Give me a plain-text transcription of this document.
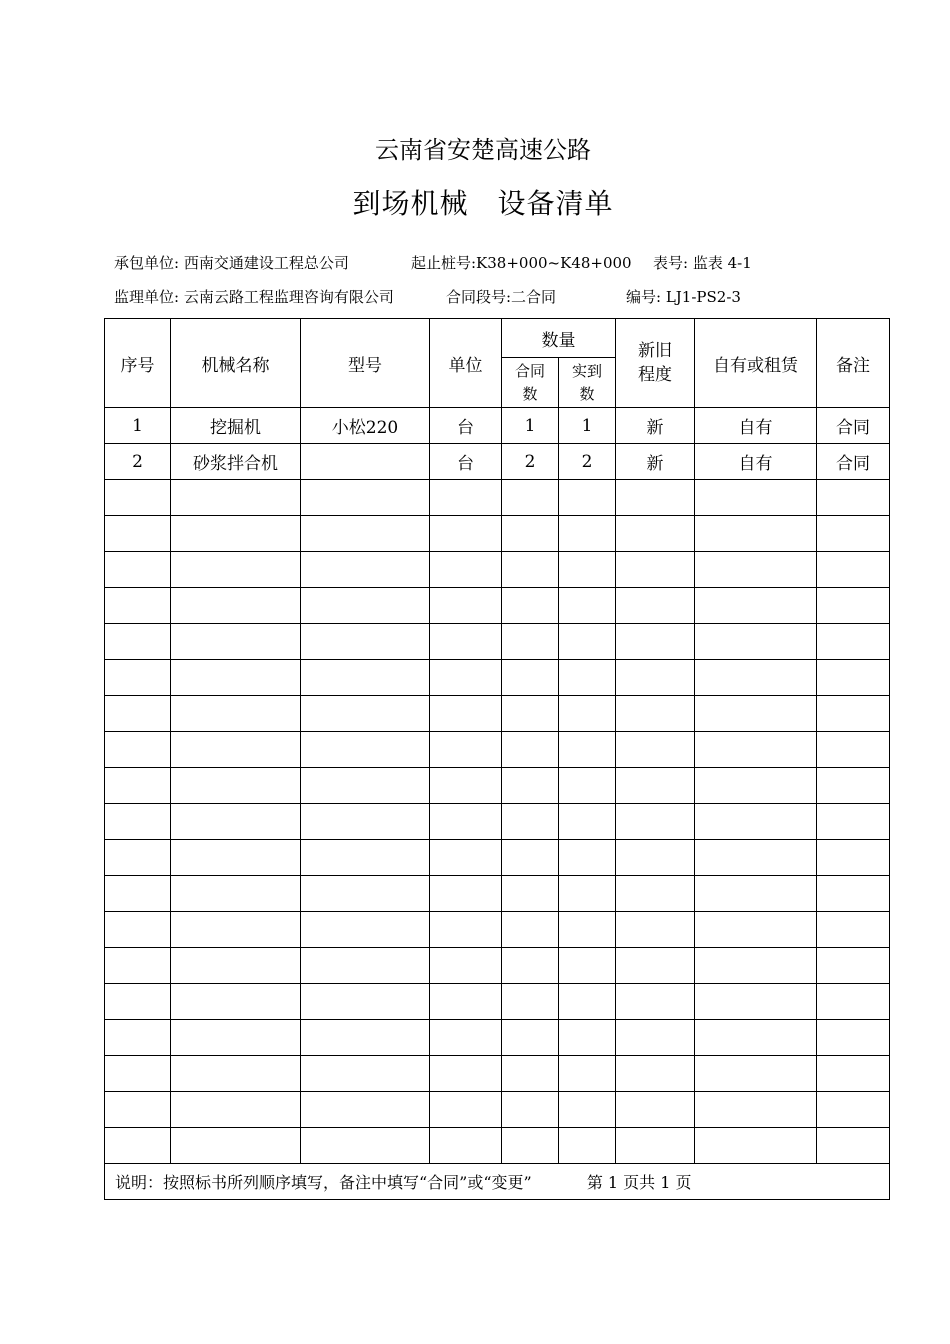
云南省安楚高速公路
到场机械　设备清单
承包单位: 西南交通建设工程总公司	起止桩号:K38+000~K48+000 表号: 监表 4-1
监理单位: 云南云路工程监理咨询有限公司	合同段号:二合同	编号: LJ1-PS2-3
序号	机械名称	型号	单位	数量		新旧程度	自有或租赁	备注
				合同数	实到数			
1	挖掘机	小松220	台	1	1	新	自有	合同
2	砂浆拌合机		台	2	2	新	自有	合同

说明：按照标书所列顺序填写，备注中填写“合同”或“变更” 第 1 页共 1 页								
